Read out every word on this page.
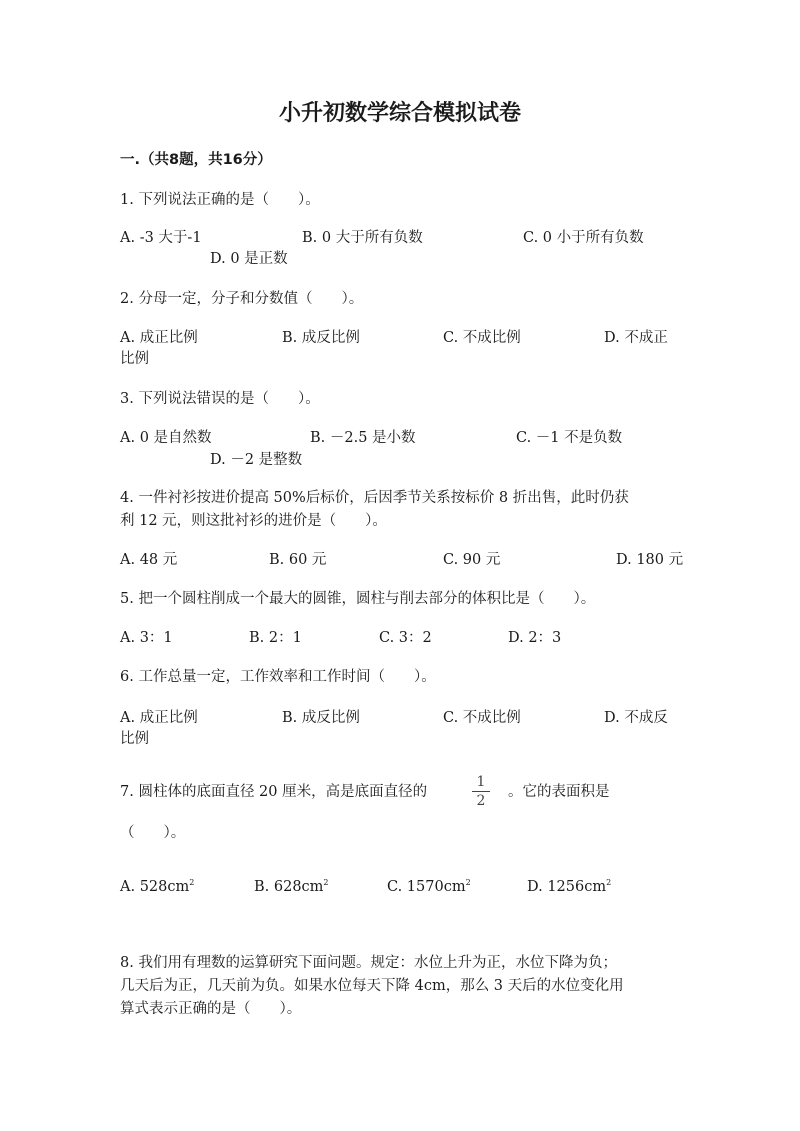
小升初数学综合模拟试卷
一.（共8题，共16分）
1. 下列说法正确的是（　　）。
A. -3 大于-1	B. 0 大于所有负数	C. 0 小于所有负数
D. 0 是正数
2. 分母一定，分子和分数值（　　）。
A. 成正比例	B. 成反比例	C. 不成比例	D. 不成正
比例
3. 下列说法错误的是（　　）。
A. 0 是自然数	B. －2.5 是小数	C. －1 不是负数
D. －2 是整数
4. 一件衬衫按进价提高 50%后标价，后因季节关系按标价 8 折出售，此时仍获
利 12 元，则这批衬衫的进价是（　　）。
A. 48 元	B. 60 元	C. 90 元	D. 180 元
5. 把一个圆柱削成一个最大的圆锥，圆柱与削去部分的体积比是（　　）。
A. 3：1	B. 2：1	C. 3：2	D. 2：3
6. 工作总量一定，工作效率和工作时间（　　）。
A. 成正比例	B. 成反比例	C. 不成比例	D. 不成反
比例
7. 圆柱体的底面直径 20 厘米，高是底面直径的
1
2
。它的表面积是
（　　）。
A. $528cm^2$	B. $628cm^2$	C. $1570cm^2$	D. $1256cm^2$
8. 我们用有理数的运算研究下面问题。规定：水位上升为正，水位下降为负；
几天后为正，几天前为负。如果水位每天下降 4cm，那么 3 天后的水位变化用
算式表示正确的是（　　）。
